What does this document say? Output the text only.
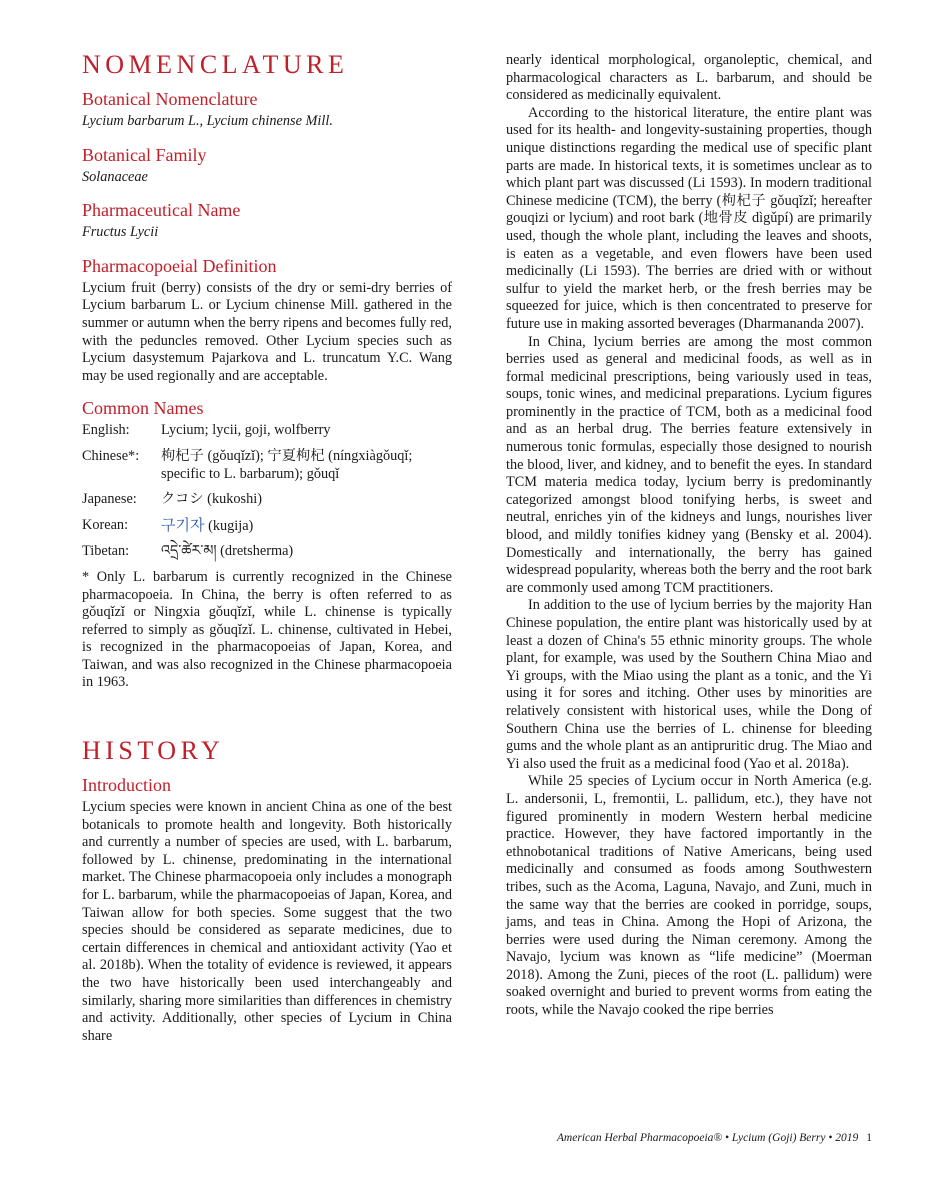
NOMENCLATURE
Botanical Nomenclature
Lycium barbarum L., Lycium chinense Mill.
Botanical Family
Solanaceae
Pharmaceutical Name
Fructus Lycii
Pharmacopoeial Definition

Lycium fruit (berry) consists of the dry or semi-dry berries of Lycium barbarum L. or Lycium chinense Mill. gathered in the summer or autumn when the berry ripens and becomes fully red, with the peduncles removed. Other Lycium species such as Lycium dasystemum Pajarkova and L. truncatum Y.C. Wang may be used regionally and are acceptable.

Common Names
English:	Lycium; lycii, goji, wolfberry
Chinese*:	枸杞子 (gǒuqǐzǐ); 宁夏枸杞 (níngxiàgǒuqǐ; specific to L. barbarum); gǒuqǐ
Japanese:	クコシ (kukoshi)
Korean:	구기자 (kugija)
Tibetan:	འདྲེ་ཚེར་མ། (dretsherma)

* Only L. barbarum is currently recognized in the Chinese pharmacopoeia. In China, the berry is often referred to as gǒuqǐzǐ or Ningxia gǒuqǐzǐ, while L. chinense is typically referred to simply as gǒuqǐzǐ. L. chinense, cultivated in Hebei, is recognized in the pharmacopoeias of Japan, Korea, and Taiwan, and was also recognized in the Chinese pharmacopoeia in 1963.

HISTORY
Introduction

Lycium species were known in ancient China as one of the best botanicals to promote health and longevity. Both historically and currently a number of species are used, with L. barbarum, followed by L. chinense, predominating in the international market. The Chinese pharmacopoeia only includes a monograph for L. barbarum, while the pharmacopoeias of Japan, Korea, and Taiwan allow for both species. Some suggest that the two species should be considered as separate medicines, due to certain differences in chemical and antioxidant activity (Yao et al. 2018b). When the totality of evidence is reviewed, it appears the two have historically been used interchangeably and similarly, sharing more similarities than differences in chemistry and activity. Additionally, other species of Lycium in China share

nearly identical morphological, organoleptic, chemical, and pharmacological characters as L. barbarum, and should be considered as medicinally equivalent.

According to the historical literature, the entire plant was used for its health- and longevity-sustaining properties, though unique distinctions regarding the medical use of specific plant parts are made. In historical texts, it is sometimes unclear as to which plant part was discussed (Li 1593). In modern traditional Chinese medicine (TCM), the berry (枸杞子 gǒuqǐzǐ; hereafter gouqizi or lycium) and root bark (地骨皮 dìgǔpí) are primarily used, though the whole plant, including the leaves and shoots, is eaten as a vegetable, and even flowers have been used medicinally (Li 1593). The berries are dried with or without sulfur to yield the market herb, or the fresh berries may be squeezed for juice, which is then concentrated to preserve for future use in making assorted beverages (Dharmananda 2007).

In China, lycium berries are among the most common berries used as general and medicinal foods, as well as in formal medicinal prescriptions, being variously used in teas, soups, tonic wines, and medicinal preparations. Lycium figures prominently in the practice of TCM, both as a medicinal food and as an herbal drug. The berries feature extensively in numerous tonic formulas, especially those designed to nourish the blood, liver, and kidney, and to benefit the eyes. In standard TCM materia medica today, lycium berry is predominantly categorized amongst blood tonifying herbs, is sweet and neutral, enriches yin of the kidneys and lungs, nourishes liver blood, and mildly tonifies kidney yang (Bensky et al. 2004). Domestically and internationally, the berry has gained widespread popularity, whereas both the berry and the root bark are commonly used among TCM practitioners.

In addition to the use of lycium berries by the majority Han Chinese population, the entire plant was historically used by at least a dozen of China's 55 ethnic minority groups. The whole plant, for example, was used by the Southern China Miao and Yi groups, with the Miao using the plant as a tonic, and the Yi using it for sores and itching. Other uses by minorities are relatively consistent with historical uses, while the Dong of Southern China use the berries of L. chinense for bleeding gums and the whole plant as an antipruritic drug. The Miao and Yi also used the fruit as a medicinal food (Yao et al. 2018a).

While 25 species of Lycium occur in North America (e.g. L. andersonii, L, fremontii, L. pallidum, etc.), they have not figured prominently in modern Western herbal medicine practice. However, they have factored importantly in the ethnobotanical traditions of Native Americans, being used medicinally and consumed as foods among Southwestern tribes, such as the Acoma, Laguna, Navajo, and Zuni, much in the same way that the berries are cooked in porridge, soups, jams, and teas in China. Among the Hopi of Arizona, the berries were used during the Niman ceremony. Among the Navajo, lycium was known as “life medicine” (Moerman 2018). Among the Zuni, pieces of the root (L. pallidum) were soaked overnight and buried to prevent worms from eating the roots, while the Navajo cooked the ripe berries

American Herbal Pharmacopoeia® • Lycium (Goji) Berry • 2019 1
